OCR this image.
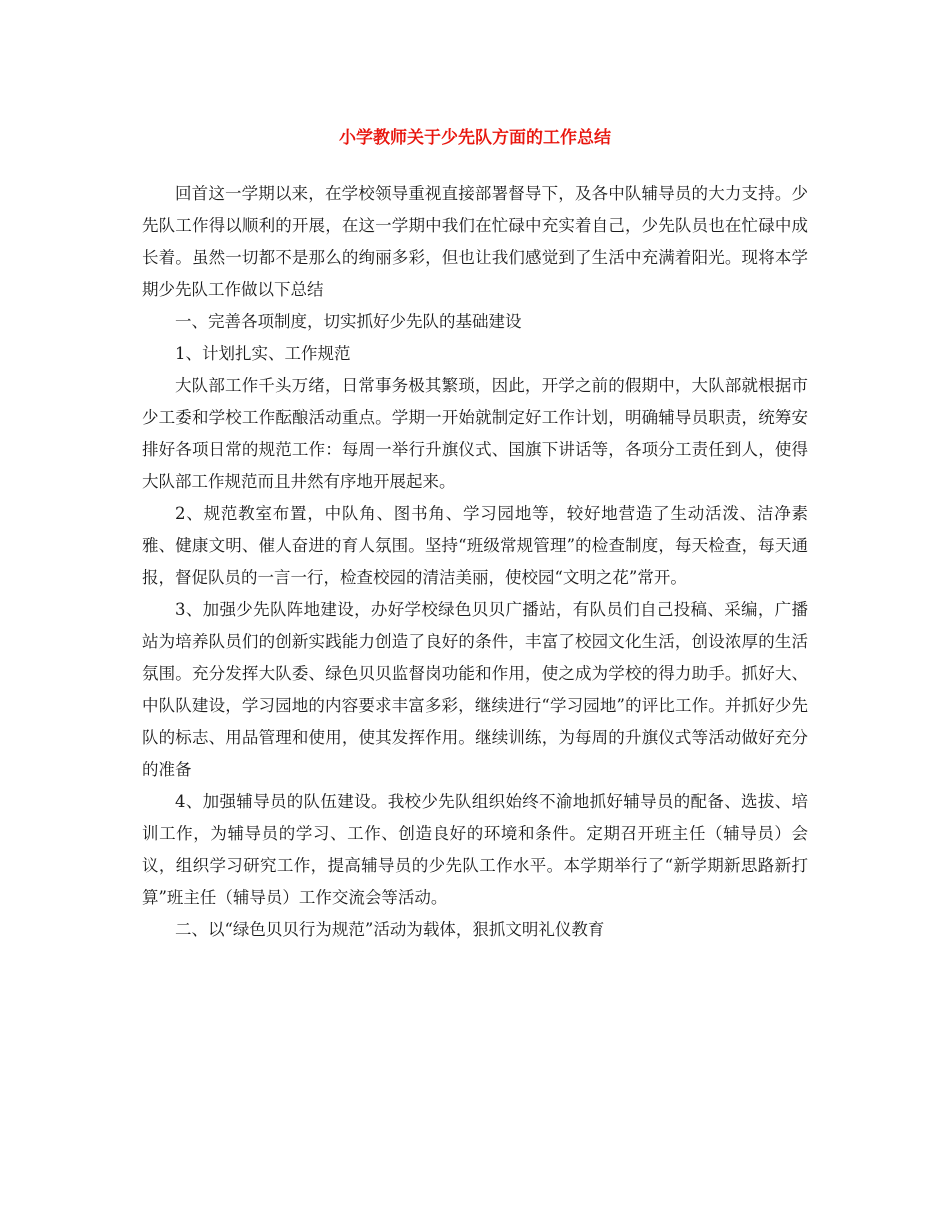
小学教师关于少先队方面的工作总结

回首这一学期以来，在学校领导重视直接部署督导下，及各中队辅导员的大力支持。少先队工作得以顺利的开展，在这一学期中我们在忙碌中充实着自己，少先队员也在忙碌中成长着。虽然一切都不是那么的绚丽多彩，但也让我们感觉到了生活中充满着阳光。现将本学期少先队工作做以下总结

一、完善各项制度，切实抓好少先队的基础建设

1、计划扎实、工作规范

大队部工作千头万绪，日常事务极其繁琐，因此，开学之前的假期中，大队部就根据市少工委和学校工作酝酿活动重点。学期一开始就制定好工作计划，明确辅导员职责，统筹安排好各项日常的规范工作：每周一举行升旗仪式、国旗下讲话等，各项分工责任到人，使得大队部工作规范而且井然有序地开展起来。

2、规范教室布置，中队角、图书角、学习园地等，较好地营造了生动活泼、洁净素雅、健康文明、催人奋进的育人氛围。坚持“班级常规管理”的检查制度，每天检查，每天通报，督促队员的一言一行，检查校园的清洁美丽，使校园“文明之花”常开。

3、加强少先队阵地建设，办好学校绿色贝贝广播站，有队员们自己投稿、采编，广播站为培养队员们的创新实践能力创造了良好的条件，丰富了校园文化生活，创设浓厚的生活氛围。充分发挥大队委、绿色贝贝监督岗功能和作用，使之成为学校的得力助手。抓好大、中队队建设，学习园地的内容要求丰富多彩，继续进行“学习园地”的评比工作。并抓好少先队的标志、用品管理和使用，使其发挥作用。继续训练，为每周的升旗仪式等活动做好充分的准备

4、加强辅导员的队伍建设。我校少先队组织始终不渝地抓好辅导员的配备、选拔、培训工作，为辅导员的学习、工作、创造良好的环境和条件。定期召开班主任（辅导员）会议，组织学习研究工作，提高辅导员的少先队工作水平。本学期举行了“新学期新思路新打算”班主任（辅导员）工作交流会等活动。

二、以“绿色贝贝行为规范”活动为载体，狠抓文明礼仪教育
